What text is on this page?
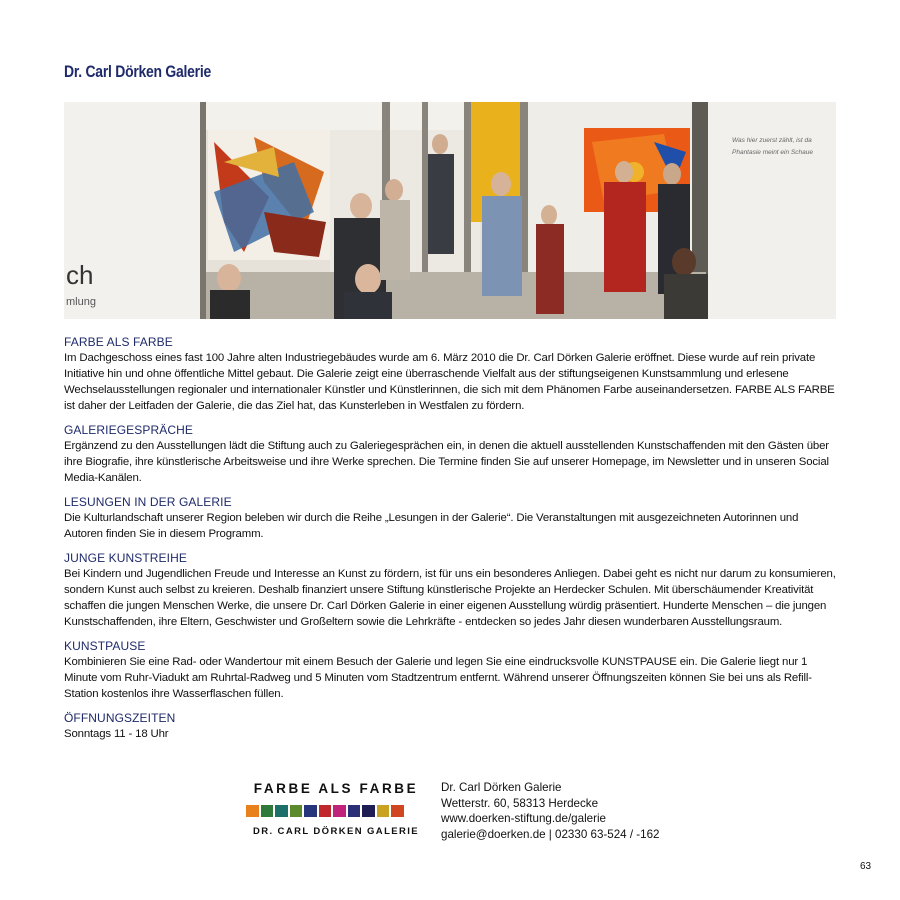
Dr. Carl Dörken Galerie
ch
mlung
Was hier zuerst zählt, ist da
Phantasie meint ein Schaue
FARBE ALS FARBE

Im Dachgeschoss eines fast 100 Jahre alten Industriegebäudes wurde am 6. März 2010 die Dr. Carl Dörken Galerie eröffnet. Diese wurde auf rein private Initiative hin und ohne öffentliche Mittel gebaut. Die Galerie zeigt eine überraschende Vielfalt aus der stiftungseigenen Kunstsammlung und erlesene Wechselausstellungen regionaler und internationaler Künstler und Künstlerinnen, die sich mit dem Phänomen Farbe auseinandersetzen. FARBE ALS FARBE ist daher der Leitfaden der Galerie, die das Ziel hat, das Kunsterleben in Westfalen zu fördern.

GALERIEGESPRÄCHE

Ergänzend zu den Ausstellungen lädt die Stiftung auch zu Galeriegesprächen ein, in denen die aktuell ausstellenden Kunstschaffenden mit den Gästen über ihre Biografie, ihre künstlerische Arbeitsweise und ihre Werke sprechen. Die Termine finden Sie auf unserer Homepage, im Newsletter und in unseren Social Media-Kanälen.

LESUNGEN IN DER GALERIE

Die Kulturlandschaft unserer Region beleben wir durch die Reihe „Lesungen in der Galerie“. Die Veranstaltungen mit ausgezeichneten Autorinnen und Autoren finden Sie in diesem Programm.

JUNGE KUNSTREIHE

Bei Kindern und Jugendlichen Freude und Interesse an Kunst zu fördern, ist für uns ein besonderes Anliegen. Dabei geht es nicht nur darum zu konsumieren, sondern Kunst auch selbst zu kreieren. Deshalb finanziert unsere Stiftung künstlerische Projekte an Herdecker Schulen. Mit überschäumender Kreativität schaffen die jungen Menschen Werke, die unsere Dr. Carl Dörken Galerie in einer eigenen Ausstellung würdig präsentiert. Hunderte Menschen – die jungen Kunstschaffenden, ihre Eltern, Geschwister und Großeltern sowie die Lehrkräfte - entdecken so jedes Jahr diesen wunderbaren Ausstellungsraum.

KUNSTPAUSE

Kombinieren Sie eine Rad- oder Wandertour mit einem Besuch der Galerie und legen Sie eine eindrucksvolle KUNSTPAUSE ein. Die Galerie liegt nur 1 Minute vom Ruhr-Viadukt am Ruhrtal-Radweg und 5 Minuten vom Stadtzentrum entfernt. Während unserer Öffnungszeiten können Sie bei uns als Refill-Station kostenlos ihre Wasserflaschen füllen.

ÖFFNUNGSZEITEN

Sonntags 11 - 18 Uhr

FARBE ALS FARBE
DR. CARL DÖRKEN GALERIE
Dr. Carl Dörken Galerie
Wetterstr. 60, 58313 Herdecke
www.doerken-stiftung.de/galerie
galerie@doerken.de | 02330 63-524 / -162
63
